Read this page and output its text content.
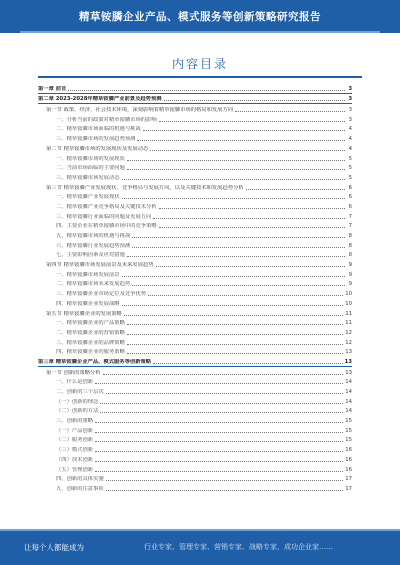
精草铵膦企业产品、模式服务等创新策略研究报告
内容目录
第一章 前言	3
第二章 2023-2028年精草铵膦产业前景及趋势预测	3
第一节 政策、经济、社会技术环境，深刻影响着精草铵膦市场的格局和发展方向	3
一、分析当前的政策对精草铵膦市场的影响	3
二、精草铵膦市场面临的机遇与挑战	4
三、精草铵膦市场的发展趋势预测	4
第二节 精草铵膦市场的发展现状及发展动态	4
一、精草铵膦市场的发展现状	5
二、当前市场面临的主要问题	5
三、精草铵膦市场发展动态	5
第三节 精草铵膦产业发展现状、竞争格局与发展方向，以及关键技术和发展趋势分析	6
一、精草铵膦产业发展现状	6
二、精草铵膦产业竞争格局及关键技术分析	6
三、精草铵膦行业面临的问题及发展方向	7
四、主要企业在精草铵膦市场中的竞争策略	7
五、精草铵膦市场的机遇与挑战	8
六、精草铵膦行业发展趋势预测	8
七、主要影响因素及应对措施	8
第四节 精草铵膦市场发展前景及未来发展趋势	9
一、精草铵膦市场发展前景	9
二、精草铵膦市场未来发展趋势	9
三、精草铵膦企业市场定位及竞争优势	10
四、精草铵膦企业发展战略	10
第五节 精草铵膦企业的发展策略	11
一、精草铵膦企业的产品策略	11
二、精草铵膦企业的营销策略	12
三、精草铵膦企业的品牌策略	12
四、精草铵膦企业的服务策略	13
第三章 精草铵膦企业产品、模式服务等创新策略	13
第一节 创新的策略分析	13
一、什么是创新	14
二、创新的三个层次	14
（一）创新的理念	14
（二）创新的方法	14
三、创新的策略	15
（一）产品创新	15
（二）服务创新	15
（三）模式创新	16
（四）技术创新	16
（五）管理创新	16
四、创新的具体实施	17
五、创新的注意事项	17
让每个人都能成为	行业专家、管理专家、营销专家、战略专家、成功企业家……
